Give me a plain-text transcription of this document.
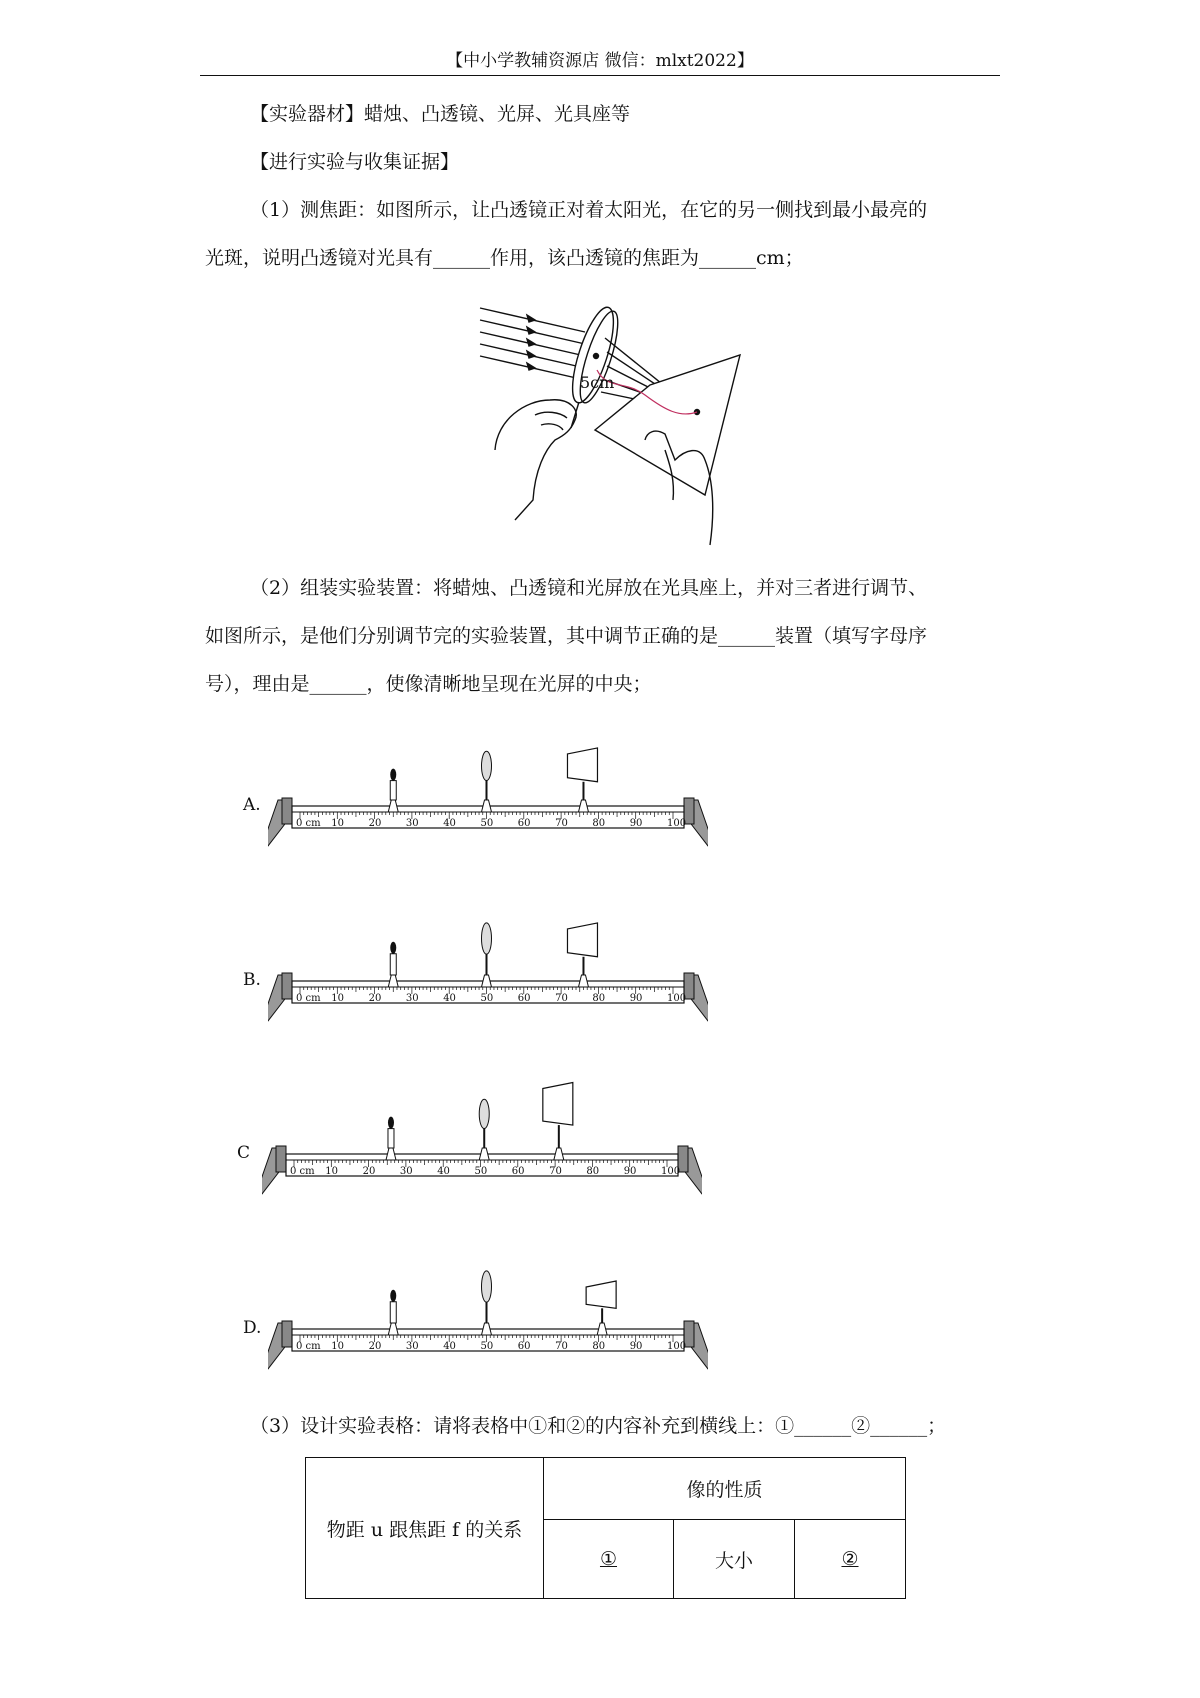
【中小学教辅资源店 微信：mlxt2022】
【实验器材】蜡烛、凸透镜、光屏、光具座等
【进行实验与收集证据】
（1）测焦距：如图所示，让凸透镜正对着太阳光，在它的另一侧找到最小最亮的
光斑，说明凸透镜对光具有______作用，该凸透镜的焦距为______cm；
5cm
（2）组装实验装置：将蜡烛、凸透镜和光屏放在光具座上，并对三者进行调节、
如图所示，是他们分别调节完的实验装置，其中调节正确的是______装置（填写字母序
号），理由是______，使像清晰地呈现在光屏的中央；
A.
0 cm 10 20 30 40 50 60 70 80 90 100
B.
0 cm 10 20 30 40 50 60 70 80 90 100
C
0 cm 10 20 30 40 50 60 70 80 90 100
D.
0 cm 10 20 30 40 50 60 70 80 90 100
（3）设计实验表格：请将表格中①和②的内容补充到横线上：①______②______；
物距 u 跟焦距 f 的关系	像的性质		
	①	大小	②
